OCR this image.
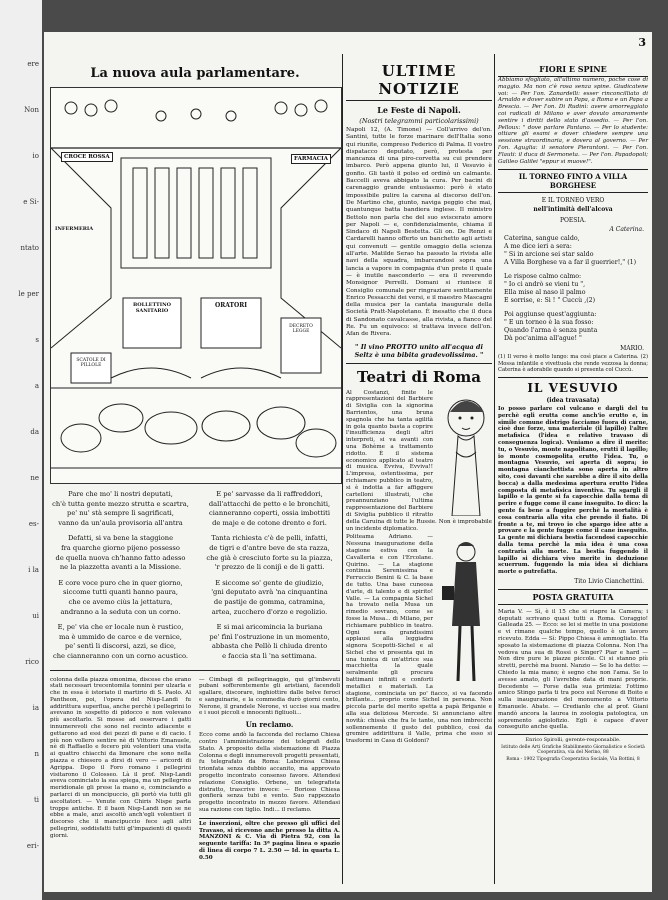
ere
Non
io
e Si-
ntato
le per
s
a
da
ne
es-
i la
ui
rico
ia
n
ti
eri-
3
La nuova aula parlamentare.
CROCE ROSSA	FARMACIA
INFERMERIA
BOLLETTINO SANITARIO
ORATORI
SCATOLE DI PILLOLE
DECRETO LEGGE
Pare che mo' li nostri deputati,
ch'è tutta gente mezzo strutta e scartra,
pe' nu' stà sempre lì sagrificati,
vanno da un'aula provisoria all'antra
Defatti, si va bene la staggione
fra quarche giorno pijeno possesso
de quella nuova ch'hanno fatto adesso
ne la piazzetta avanti a la Missione.
E core voce puro che in quer giorno,
siccome tutti quanti hanno paura,
che ce avemo ciùs la jettatura,
andranno a la seduta con un corno.
E, pe' via che er locale nun è rustico,
ma è ummido de carce e de vernice,
pe' sentì li discorsi, azzi, se dice,
che cianneranno con un corno acustico.
E pe' sarvasse da li raffreddori,
dall'attacchi de petto e le bronchiti,
cianneranno coperti, ossia imbottiti
de maje e de cotone drento e fori.
Tanta richiesta c'è de pelli, infatti,
de tigri e d'antre beve de sta razza,
che già è cresciuto forte su la piazza,
'r prezzo de li conijì e de li gatti.
E siccome so' gente de giudizio,
'gni deputato avrà 'na cinquantina
de pastije de gomma, catramina,
artea, zucchero d'orzo e regolizio.
E si mai aricomincia la buriana
pe' fìnì l'ostruzione in un momento,
abbasta che Pellò li chiuda drento
e faccia sta lì 'na settimana.
colonna della piazza omonima, discese che erano stati necessari trecentomila tonnini per ulzarla e che in essa è istoriato il martirio di S. Paolo. Al Pantheon, poi, l'opera del Nisp-Landi fu addirittura superflua, anche perchè i pellegrini lo avevano in sospetto di pidocco e non volevano più ascoltarlo. Si mosse ad osservare i gatti innumerevoli che sono nel recinto adiacente e gettarono ad essi dei pezzi di pane e di cacio. I più non vollero sentire nè di Vittorio Emanuele, nè di Raffaello e fecero più volentieri una visita ai quattro chiacchi da limonare che sono nella piazza e chiesero a dirsi di vero — aricordi di Agrippa. Dopo il Foro romano i pellegrini visitarono il Colosseo. Là il prof. Nisp-Landi aveva cominciato la sua spiega, ma un pellegrino meridionale gli prese la mano e, cominciando a parlarci di un moncipuccio, gli portò via tutti gli ascoltatori. — Venute con Chiris Nispe parla troppe antiche. E il baon Nisp-Landi non se ne ebbe a male, anzi ascoltò anch'egli volentieri il discorso che il mancipuccio fece agli altri pellegrini, soddisfatti tutti gl'impazienti di questi giorni.
— Cimbagi di pellegrinaggio, qui gl'imbevuti pubani sofferentemente gli aristiani, facendoli sgallare, discorare, inghiottire dalle belve feroci e sanguinarie, e la commedia durò giorni cento, Nerone, il grandele Nerone, vi uccise sua madre e i suoi piccoli e innocenti figliuoli...
Un reclamo.
Ecco come andò la faccenda del reclamo Chiesa contro l'amministrazione dei telegrafi dello Stato. A proposito della sistemazione di Piazza Colonna e degli innumerevoli progetti presentati, fu telegrafato da Roma: Laboriosa Chiesa trionfata senza dubbio accanito, ma approvato progetto incontrato consenso favore. Attendesi relazione Consiglio. Orbene, un telegrafista distratto, trascrive invece: — Borioso Chiesa gonfierà senza tubi e vento. Suo rappezzato progetto incontrato in mezzo favore. Attendasi sua razione con tiglio. Indi... il reclamo.
Le inserzioni, oltre che presso gli uffici del Travaso, si ricevono anche presso la ditta A. MANZONI & C. Via di Pietra 92, con la seguente tariffa: In 3ª pagina linea o spazio di linea di corpo 7 L. 2.50 — Id. in quarta L. 0.50
ULTIME NOTIZIE
Le Feste di Napoli.
(Nostri telegrammi particolarissimi)
Napoli 12, (A. Timone) — Coll'arrivo del'on. Santini, tutte le forze marinare dell'Italia sono qui riunite, compreso Federico di Palma. Il vostro dispatacco deputato, però, protesta per mancanza di una piro-corvetta su cui prendere imbarco. Però appena giunto lui, il Vesuvio è gonfio. Gli tastò il polso ed ordinò un calmante. Baccelli aveva abbigato la cura. Per bacini di carenaggio grande entusiasmo: però è stato impossibile pulire la carena al discorso dell'on. De Martino che, giunto, naviga peggio che mai, quantunque batta bandiera inglese. Il ministro Bettolo non parla che del suo svisceratо amore per Napoli — e, confidenzialmente, chiama il Sindaco di Napoli Bestetta. Gli on. De Renzi e Cardarelli hanno offerto un banchetto agli artisti qui convenuti — gentile omaggio della scienza all'arte. Matilde Serao ha passato la rivista alle navi della squadra, imbarcandosi sopra una lancia a vapore in compagnia d'un prete il quale — è inutile nasconderlo — era il reverendo Monsignor Perrelli. Domani si riunisce il Consiglio comunale per ringraziare sentitamente Enrico Pessacchi dei versi, e il maestro Mascagni della musica per la cantata inaugurale della Società Pratt-Napoletano. È inesatto che il duca di Sandonato cavalcasse, alla rivista, a fianco del Re. Fu un equivoco: si trattava invece dell'on. Afan de Rivera.
" Il vino PROTTO unito all'acqua di Seltz è una bibita gradevolissima. "
Teatri di Roma
Al Costanzi, finite le rappresentazioni del Barbiere di Siviglia con la signorina Barrientos, una bruna spagnola che ha tanta agilità in gola quanto basta a coprire l'insufficienza degli altri interpreti, si va avanti con una Bohème a trattamento ridotto. È il sistema economico applicato al teatro di musica. Evviva, Evviva!! L'impresa, ostentissima, per richiamare pubblico in teatro, si è indotta a far affiggere cartelloni illustrati, che preannunziano l'ultima rappresentazione del Barbiere di Siviglia pubblico il ritratto della Caruina di tutte le Russie. Non è improbabile un incidente diplomatico.
Politeama Adriano. — Nessuna inaugurazione della stagione estiva con la Cavalleria e con l'Ercolane. Quirino. — La stagione continua Serenissima e Ferruccio Benini & C. la base de tutto. Una base cuneosa d'arte, di talento e di spirito! Valle. — La compagnia Sichel ha trovato nella Musa un rimedio sovrano, come se fosse la Musa... di Milano, per richiamare pubblico in teatro. Ogni sera grandissimi applausi alla leggiadra signora Scepotti-Sichel e al Sichel che vi presenta qui in una tunica di un'attrice sua macchietta la quale seralmente gli procura battimani infiniti e conforti metallici e materiali. La stagione, cominciata un po' fiacco, si va facendo brillante... proprio come Sichel in persona. Non piccola parte del merito spetta a papà Briganie e alla sua deliziosa Mercede. Si annunciano altre novità: chissà che fra le tante, una non imbrecchi sollennemente il gusto del pubblico, così da gremire addirittura il Valle, prima che esso si trasformi in Casa di Goldoni?
FIORI E SPINE
Abbiamo sfogliato, all'ultimo numero, poche cose di maggio. Ma non c'è rosa senza spine. Giudicatene voi: — Per l'on. Zanardelli: esser rinconcilliato di Arnaldo e dover subire un Papa, a Roma e un Papa a Brescia. — Per l'on. Di Rudinì: avere amorreggiato coi radicali di Milano e aver dovuto amaramente sentire i diritti dello stato d'assedio. — Per l'on. Pelloux: " dove parlare Pantano. — Per lo studente: ottiare gli esami e dover chiedere sempre una sessione straordinaria, e dovera al governo. — Per l'on. Agugliа: il senatore Pierantoni. — Per l'on. Flauti: il duca di Sermoneta. — Per l'on. Papadopoli; Galileo Galilei "eppur si muove!".
IL TORNEO FINTO A VILLA BORGHESE
E IL TORNEO VERO
nell'intimità dell'alcova
POESIA.
A Caterina.
Caterina, sangue caldo,
A me dice ieri a sera:
" Si in arcione sei star saldo
A Villa Borghese va a far il guerrier!," (1)
Le rispose calmo calmo:
" Io ci andrò se vieni tu ",
Ella mise al naso il palmo
E sorrise, e: Si ! " Cuccù ,(2)
Poi aggiunse quest'aggiunta:
" E un torneo è la sua fosso:
Quando l'arma è senza punta
Dà poc'anima all'ague! "
MARIO.
(1) Il verso è molto lungo: ma così piace a Caterina. (2) Mossa infantile e vivettuola che rende vezzosa la donna; Caterina è adorabile quando si presenta col Cuccù.
IL VESUVIO
(idea travasata)
Io posso parlare col vulcano e dargli del tu perchè egli erutta come anch'io erutto e, in simile comune distrigo facciamo fuora di carne, cioè due forze, una materiale (il lapillo) l'altre metafisica (l'idea e relativo travaso di conseguenza logica). Veniamo a dire il merito: tu, o Vesuvio, monte napolitano, erutti il lapillo; io monte cosmopolita erutto l'idea. Tu, o montagna Vesuvio, sei aperta di sopra; io montagna cianchettista sono aperta in altro sito, così davanti che sarebbe a dire il sito della bocca) a dalla medesima apertura erutto l'idea composta di metafisica inventiva. Tu sgargli il lapillo e la gente si fa capocchie dalla tema di perire e fugge come il cane inseguito. Io dico: la gente fa bene a fuggire perchè la mortalità è cosa contraria alla vita che prendo il fiato. Di fronte a te, mi trovo io che spargo idee atte a provare e la gente fugge come il cane inseguito. La gente mi dichiara bestia facendosi capocchie dalla tema perchè la mia idea è una cosa contraria alla morte. La bestia fuggendo il lapillo si dichiara vivo merite in deduzione scuerrum. fuggendo la mia idea si dichiara morte o putrefatta.
Tito Livio Cianchettini.
POSTA GRATUITA
Maria V. — Sì, è il 15 che si riapre la Camera; i deputati scrivano quasi tutti a Roma. Coraggio! Galleada 25. — Ecco: se lei si mette in una posizione e vi rimane qualche tempo, quello è un lavoro ricevuto. Edda — Sì: Pippo Chiesa è ammogliato. Ha sposato la sistemazione di piazza Colonna. Non l'ha vedova una sua di Rossi o Singer? Piar e hard — Non dire pure le piazze piccole. Ci si stanno più stretti, perchè ma buoni. Nanzio — Se lo ha detto: — Chiedo la mia mano; è segno che non l'ama. Se lo avesse amato, gli l'avrebbe data di mani proprie. Decedente — Forse dalla sua primizia: l'ottimo amico Stingo parla ti tra poco sul Nerone di Boito e sulla inaugurazione del monumento a Vittorio Emanuele. Abate. — Credianlo che al prof. Giani mandò ancora la laurea in zoologia patologica, un sopremento agiolofizio. Egli è capace d'aver conseguito anche quella.
Enrico Spirolli, gerente-responsabile.
Istituto delle Arti Grafiche Stabilimento Giornalistico e Società Cooperativa, via del Nerino, 88
Roma - 1902 Tipografia Cooperativa Sociale, Via Bottini, 8
